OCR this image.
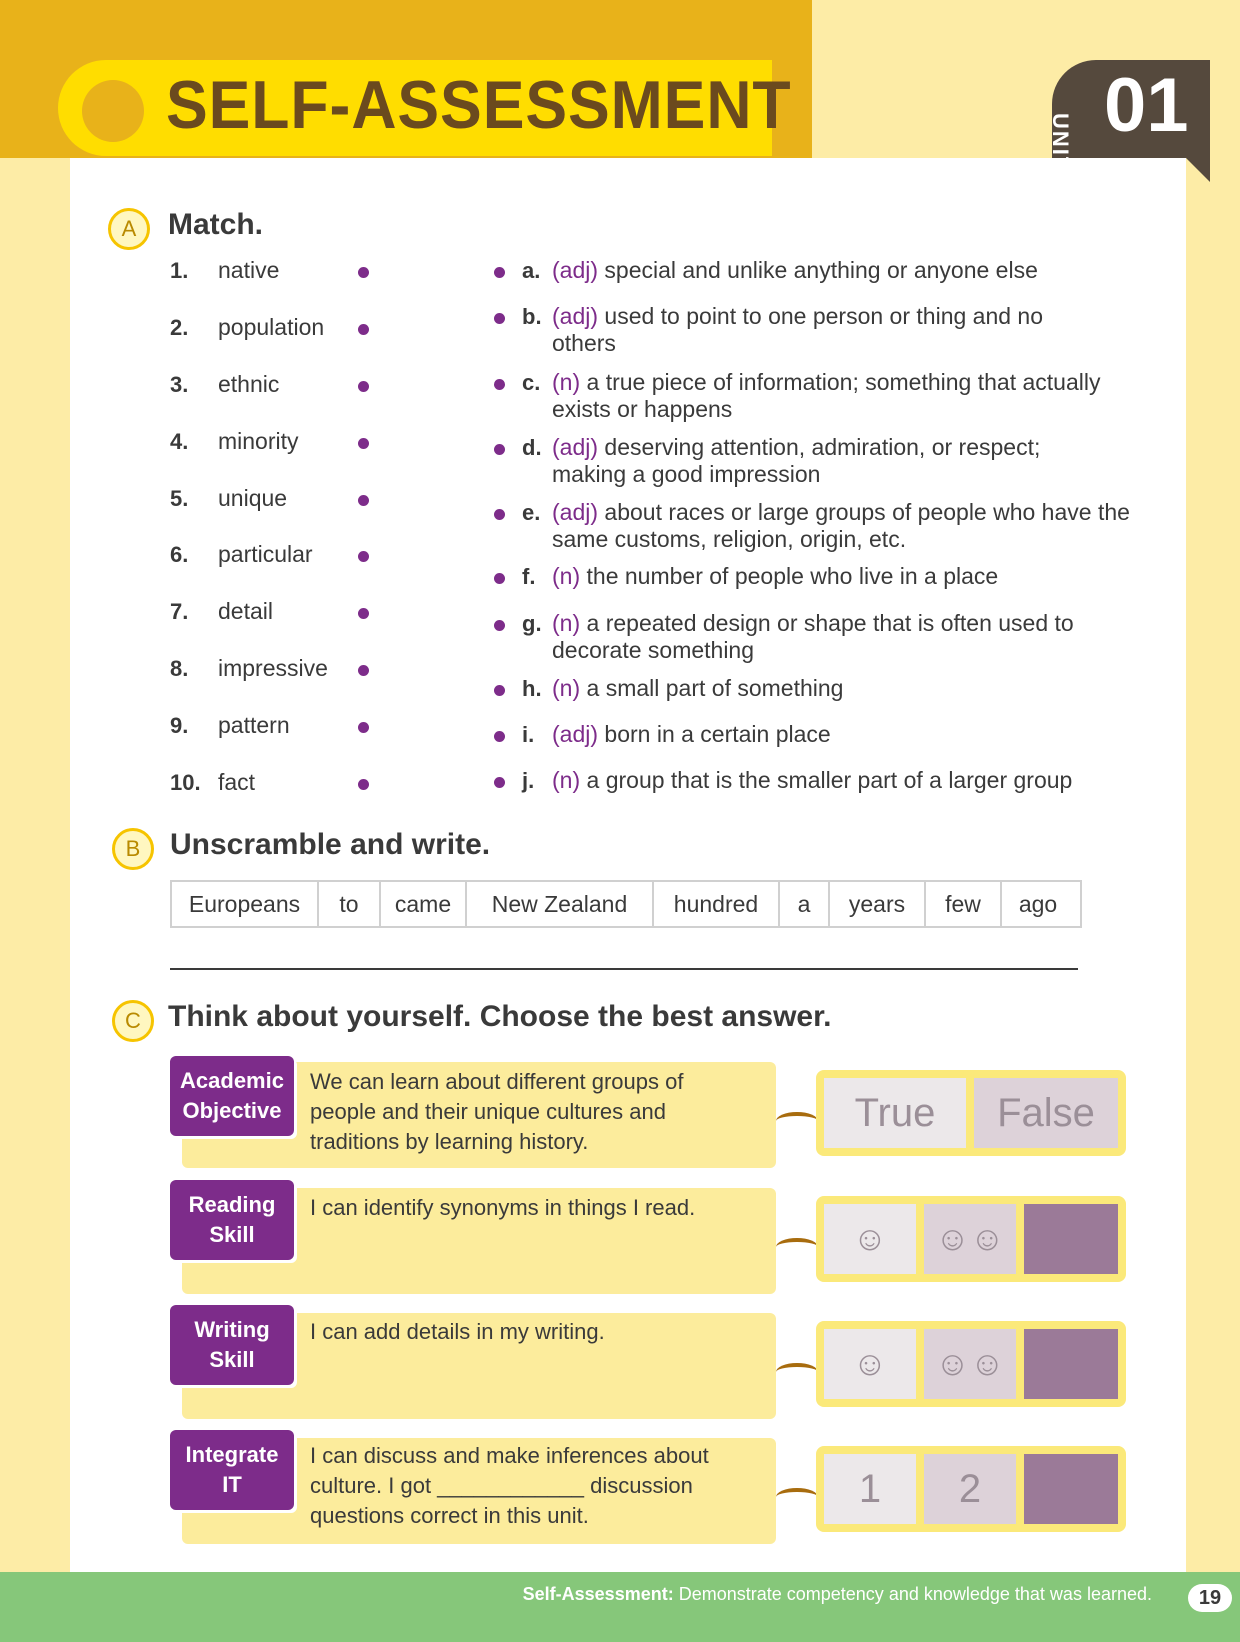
SELF-ASSESSMENT	UNIT 01
A	Match.
1. native
2. population
3. ethnic
4. minority
5. unique
6. particular
7. detail
8. impressive
9. pattern
10. fact
a. (adj) special and unlike anything or anyone else
b. (adj) used to point to one person or thing and no others
c. (n) a true piece of information; something that actually exists or happens
d. (adj) deserving attention, admiration, or respect; making a good impression
e. (adj) about races or large groups of people who have the same customs, religion, origin, etc.
f. (n) the number of people who live in a place
g. (n) a repeated design or shape that is often used to decorate something
h. (n) a small part of something
i. (adj) born in a certain place
j. (n) a group that is the smaller part of a larger group
B Unscramble and write.
Europeans	to	came	New Zealand	hundred	a	years	few	ago
C Think about yourself. Choose the best answer.
Academic
Objective
We can learn about different groups of people and their unique cultures and traditions by learning history.
True	False
Reading
Skill
I can identify synonyms in things I read.
☺	☺☺
Writing
Skill
I can add details in my writing.
☺	☺☺
Integrate
IT
I can discuss and make inferences about culture. I got ____________ discussion questions correct in this unit.
1	2
Self-Assessment: Demonstrate competency and knowledge that was learned.	19
